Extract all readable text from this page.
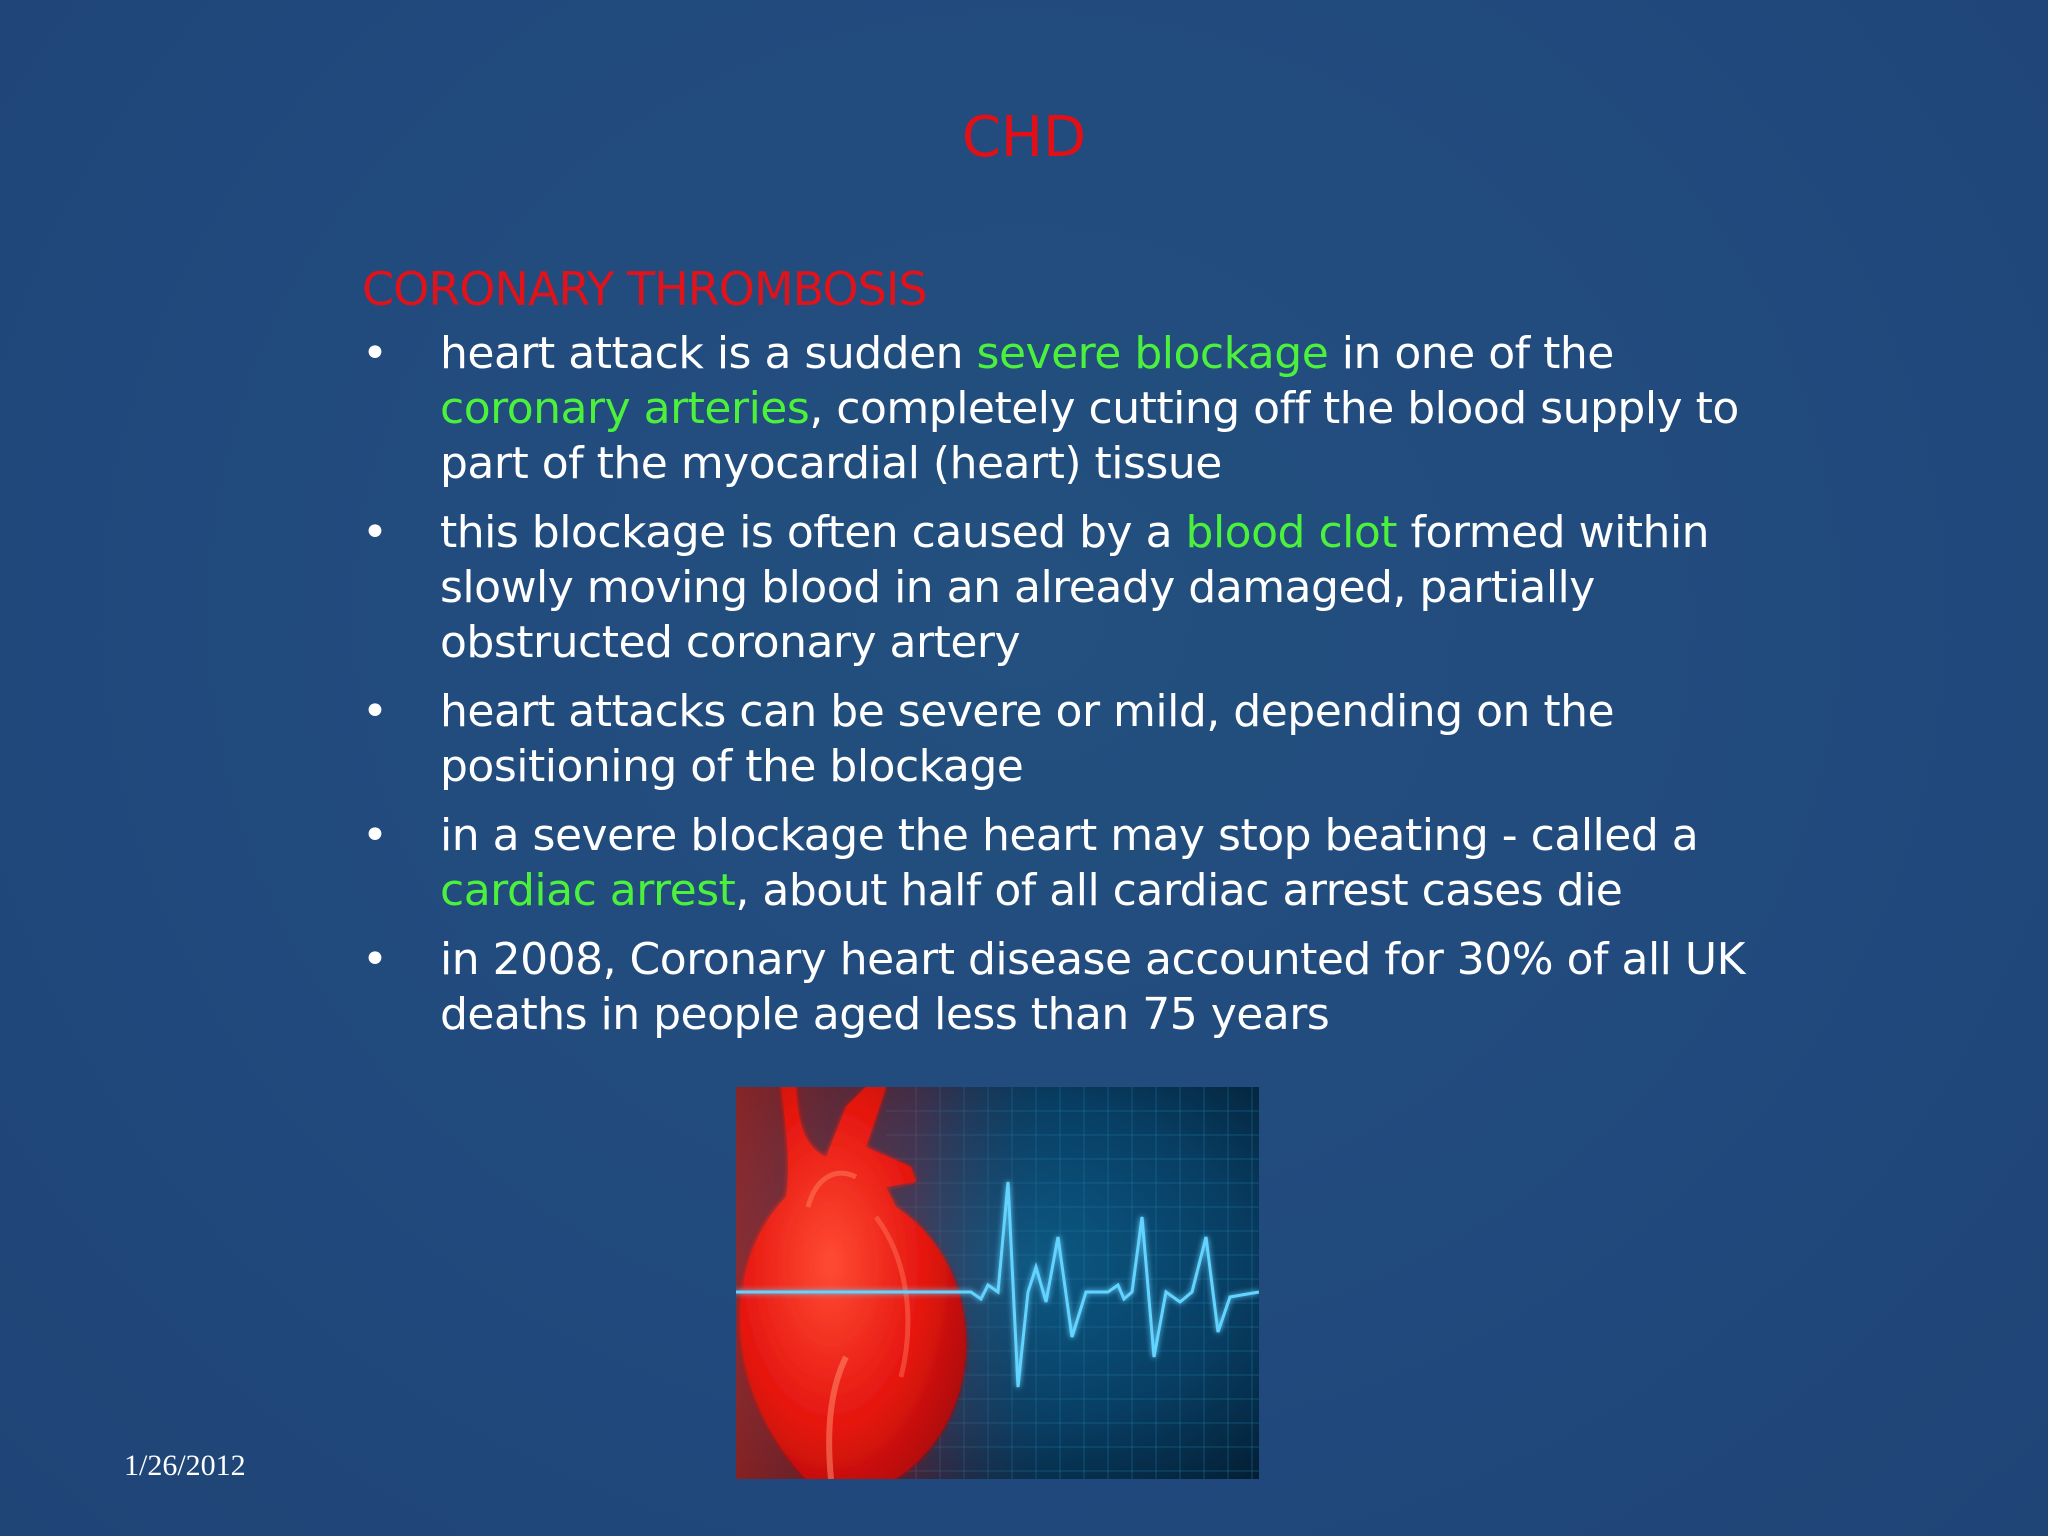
CHD
CORONARY THROMBOSIS
• heart attack is a sudden severe blockage in one of the
coronary arteries, completely cutting off the blood supply to part of the myocardial (heart) tissue
• this blockage is often caused by a blood clot formed within slowly moving blood in an already damaged, partially obstructed coronary artery
• heart attacks can be severe or mild, depending on the positioning of the blockage
• in a severe blockage the heart may stop beating - called a cardiac arrest, about half of all cardiac arrest cases die
• in 2008, Coronary heart disease accounted for 30% of all UK deaths in people aged less than 75 years
1/26/2012
